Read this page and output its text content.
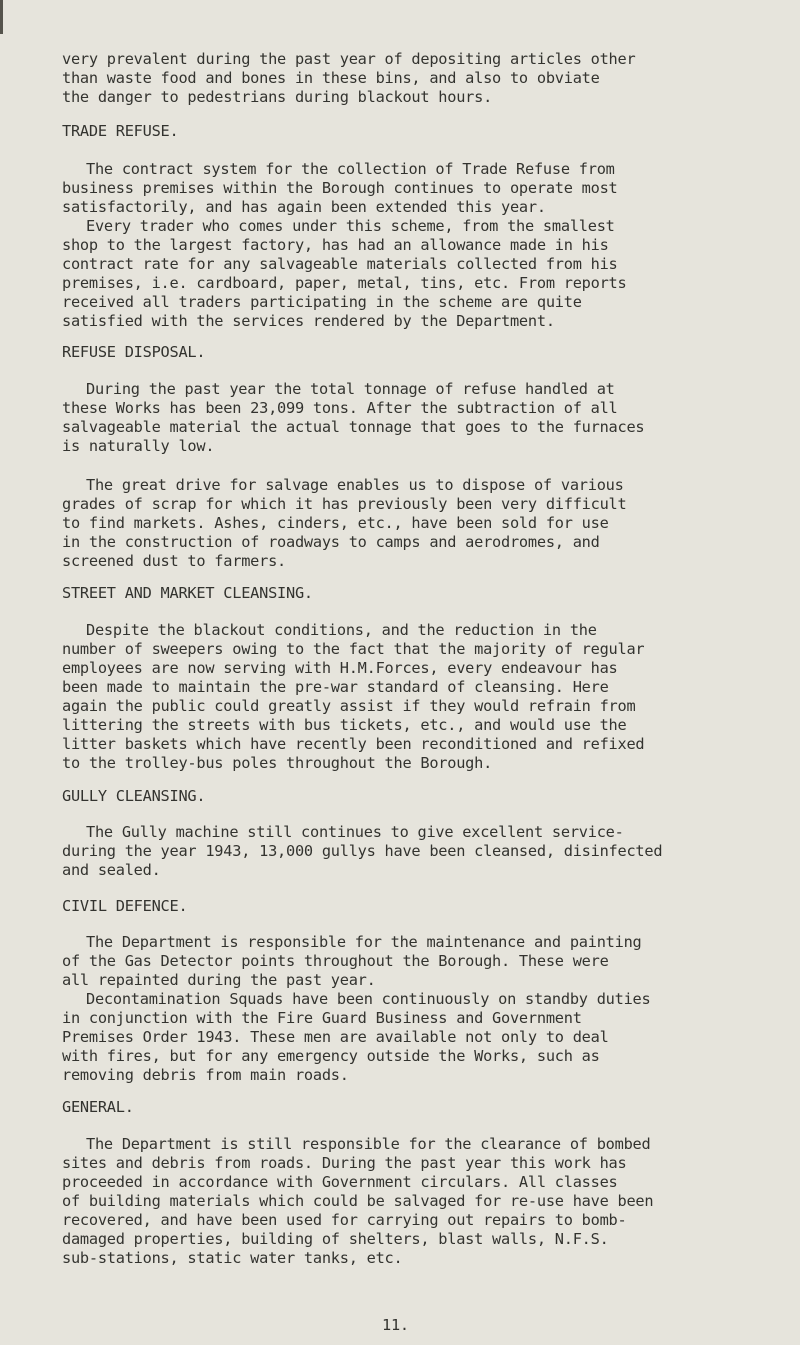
very prevalent during the past year of depositing articles other
than waste food and bones in these bins, and also to obviate
the danger to pedestrians during blackout hours.
TRADE REFUSE.
The contract system for the collection of Trade Refuse from
business premises within the Borough continues to operate most
satisfactorily, and has again been extended this year.
Every trader who comes under this scheme, from the smallest
shop to the largest factory, has had an allowance made in his
contract rate for any salvageable materials collected from his
premises, i.e. cardboard, paper, metal, tins, etc. From reports
received all traders participating in the scheme are quite
satisfied with the services rendered by the Department.
REFUSE DISPOSAL.
During the past year the total tonnage of refuse handled at
these Works has been 23,099 tons. After the subtraction of all
salvageable material the actual tonnage that goes to the furnaces
is naturally low.
The great drive for salvage enables us to dispose of various
grades of scrap for which it has previously been very difficult
to find markets. Ashes, cinders, etc., have been sold for use
in the construction of roadways to camps and aerodromes, and
screened dust to farmers.
STREET AND MARKET CLEANSING.
Despite the blackout conditions, and the reduction in the
number of sweepers owing to the fact that the majority of regular
employees are now serving with H.M.Forces, every endeavour has
been made to maintain the pre-war standard of cleansing. Here
again the public could greatly assist if they would refrain from
littering the streets with bus tickets, etc., and would use the
litter baskets which have recently been reconditioned and refixed
to the trolley-bus poles throughout the Borough.
GULLY CLEANSING.
The Gully machine still continues to give excellent service-
during the year 1943, 13,000 gullys have been cleansed, disinfected
and sealed.
CIVIL DEFENCE.
The Department is responsible for the maintenance and painting
of the Gas Detector points throughout the Borough. These were
all repainted during the past year.
Decontamination Squads have been continuously on standby duties
in conjunction with the Fire Guard Business and Government
Premises Order 1943. These men are available not only to deal
with fires, but for any emergency outside the Works, such as
removing debris from main roads.
GENERAL.
The Department is still responsible for the clearance of bombed
sites and debris from roads. During the past year this work has
proceeded in accordance with Government circulars. All classes
of building materials which could be salvaged for re-use have been
recovered, and have been used for carrying out repairs to bomb-
damaged properties, building of shelters, blast walls, N.F.S.
sub-stations, static water tanks, etc.
11.
